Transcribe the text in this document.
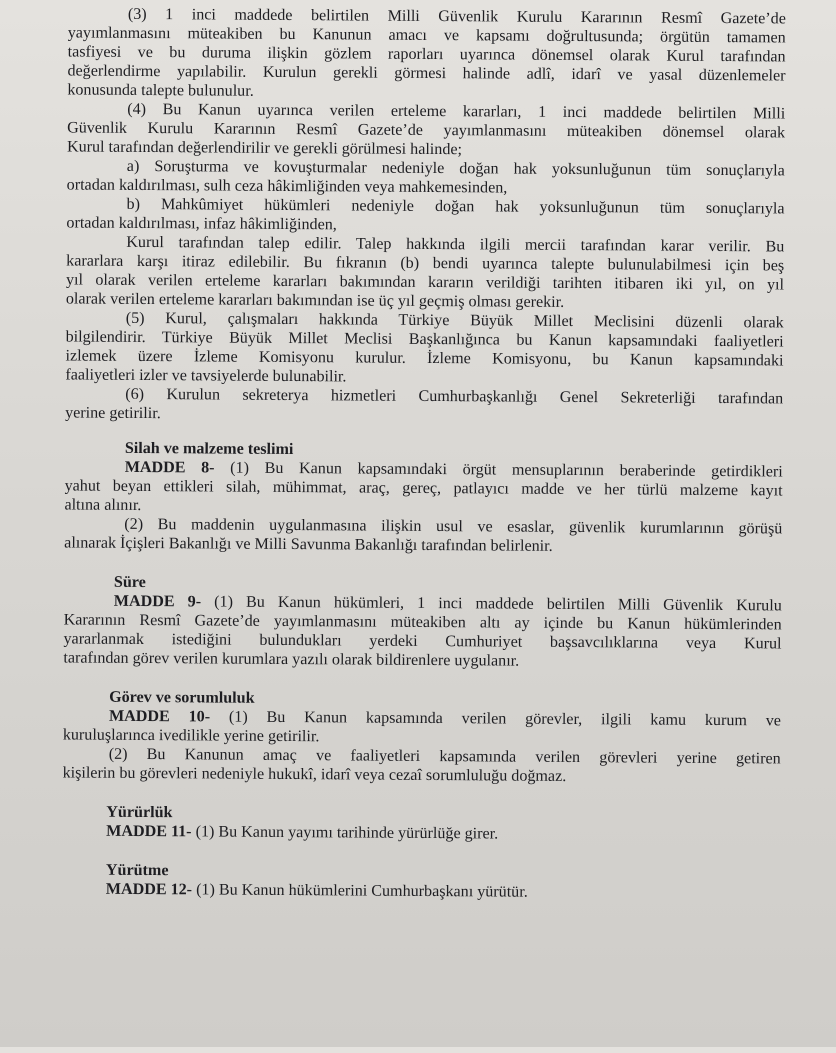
(3) 1 inci maddede belirtilen Milli Güvenlik Kurulu Kararının Resmî Gazete’de

yayımlanmasını müteakiben bu Kanunun amacı ve kapsamı doğrultusunda; örgütün tamamen

tasfiyesi ve bu duruma ilişkin gözlem raporları uyarınca dönemsel olarak Kurul tarafından

değerlendirme yapılabilir. Kurulun gerekli görmesi halinde adlî, idarî ve yasal düzenlemeler

konusunda talepte bulunulur.

(4) Bu Kanun uyarınca verilen erteleme kararları, 1 inci maddede belirtilen Milli

Güvenlik Kurulu Kararının Resmî Gazete’de yayımlanmasını müteakiben dönemsel olarak

Kurul tarafından değerlendirilir ve gerekli görülmesi halinde;

a) Soruşturma ve kovuşturmalar nedeniyle doğan hak yoksunluğunun tüm sonuçlarıyla

ortadan kaldırılması, sulh ceza hâkimliğinden veya mahkemesinden,

b) Mahkûmiyet hükümleri nedeniyle doğan hak yoksunluğunun tüm sonuçlarıyla

ortadan kaldırılması, infaz hâkimliğinden,

Kurul tarafından talep edilir. Talep hakkında ilgili mercii tarafından karar verilir. Bu

kararlara karşı itiraz edilebilir. Bu fıkranın (b) bendi uyarınca talepte bulunulabilmesi için beş

yıl olarak verilen erteleme kararları bakımından kararın verildiği tarihten itibaren iki yıl, on yıl

olarak verilen erteleme kararları bakımından ise üç yıl geçmiş olması gerekir.

(5) Kurul, çalışmaları hakkında Türkiye Büyük Millet Meclisini düzenli olarak

bilgilendirir. Türkiye Büyük Millet Meclisi Başkanlığınca bu Kanun kapsamındaki faaliyetleri

izlemek üzere İzleme Komisyonu kurulur. İzleme Komisyonu, bu Kanun kapsamındaki

faaliyetleri izler ve tavsiyelerde bulunabilir.

(6) Kurulun sekreterya hizmetleri Cumhurbaşkanlığı Genel Sekreterliği tarafından

yerine getirilir.

Silah ve malzeme teslimi

MADDE 8- (1) Bu Kanun kapsamındaki örgüt mensuplarının beraberinde getirdikleri

yahut beyan ettikleri silah, mühimmat, araç, gereç, patlayıcı madde ve her türlü malzeme kayıt

altına alınır.

(2) Bu maddenin uygulanmasına ilişkin usul ve esaslar, güvenlik kurumlarının görüşü

alınarak İçişleri Bakanlığı ve Milli Savunma Bakanlığı tarafından belirlenir.

Süre

MADDE 9- (1) Bu Kanun hükümleri, 1 inci maddede belirtilen Milli Güvenlik Kurulu

Kararının Resmî Gazete’de yayımlanmasını müteakiben altı ay içinde bu Kanun hükümlerinden

yararlanmak istediğini bulundukları yerdeki Cumhuriyet başsavcılıklarına veya Kurul

tarafından görev verilen kurumlara yazılı olarak bildirenlere uygulanır.

Görev ve sorumluluk

MADDE 10- (1) Bu Kanun kapsamında verilen görevler, ilgili kamu kurum ve

kuruluşlarınca ivedilikle yerine getirilir.

(2) Bu Kanunun amaç ve faaliyetleri kapsamında verilen görevleri yerine getiren

kişilerin bu görevleri nedeniyle hukukî, idarî veya cezaî sorumluluğu doğmaz.

Yürürlük

MADDE 11- (1) Bu Kanun yayımı tarihinde yürürlüğe girer.

Yürütme

MADDE 12- (1) Bu Kanun hükümlerini Cumhurbaşkanı yürütür.
